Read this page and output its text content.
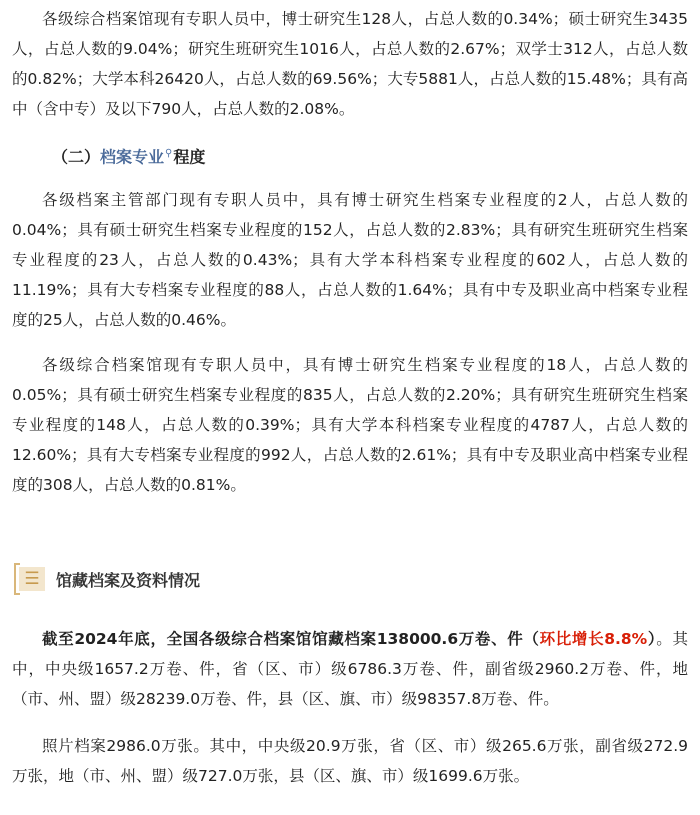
各级综合档案馆现有专职人员中，博士研究生128人，占总人数的0.34%；硕士研究生3435
人，占总人数的9.04%；研究生班研究生1016人，占总人数的2.67%；双学士312人，占总人数
的0.82%；大学本科26420人，占总人数的69.56%；大专5881人，占总人数的15.48%；具有高
中（含中专）及以下790人，占总人数的2.08%。
（二）档案专业⚲程度
各级档案主管部门现有专职人员中，具有博士研究生档案专业程度的2人，占总人数的
0.04%；具有硕士研究生档案专业程度的152人，占总人数的2.83%；具有研究生班研究生档案
专业程度的23人，占总人数的0.43%；具有大学本科档案专业程度的602人，占总人数的
11.19%；具有大专档案专业程度的88人，占总人数的1.64%；具有中专及职业高中档案专业程
度的25人，占总人数的0.46%。
各级综合档案馆现有专职人员中，具有博士研究生档案专业程度的18人，占总人数的
0.05%；具有硕士研究生档案专业程度的835人，占总人数的2.20%；具有研究生班研究生档案
专业程度的148人，占总人数的0.39%；具有大学本科档案专业程度的4787人，占总人数的
12.60%；具有大专档案专业程度的992人，占总人数的2.61%；具有中专及职业高中档案专业程
度的308人，占总人数的0.81%。
☰	馆藏档案及资料情况
截至2024年底，全国各级综合档案馆馆藏档案138000.6万卷、件（环比增长8.8%）。其
中，中央级1657.2万卷、件，省（区、市）级6786.3万卷、件，副省级2960.2万卷、件，地
（市、州、盟）级28239.0万卷、件，县（区、旗、市）级98357.8万卷、件。
照片档案2986.0万张。其中，中央级20.9万张，省（区、市）级265.6万张，副省级272.9
万张，地（市、州、盟）级727.0万张，县（区、旗、市）级1699.6万张。
